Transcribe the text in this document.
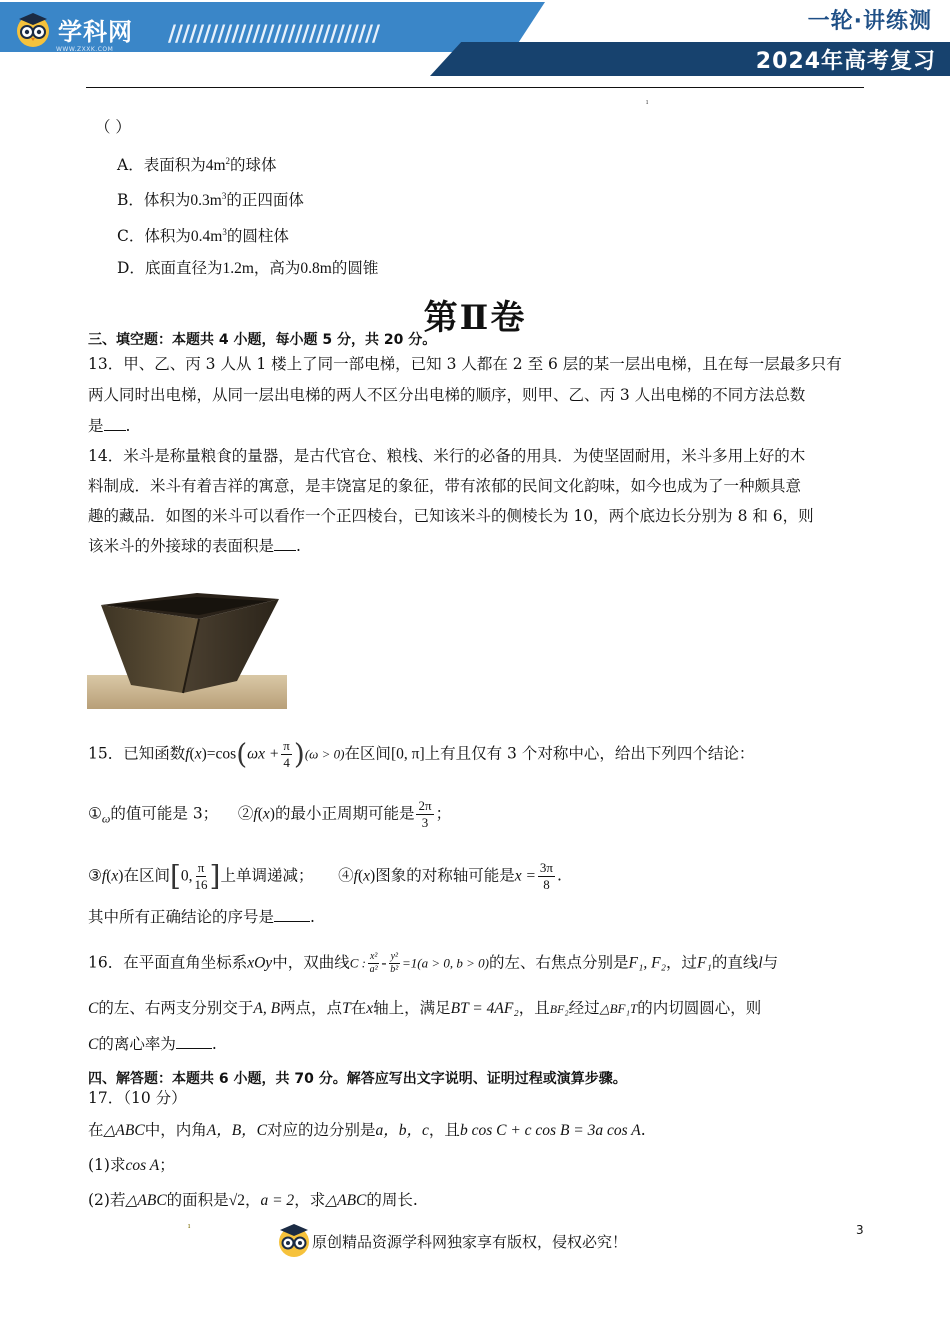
学科网
WWW.ZXXK.COM
//////////////////////////////
一轮·讲练测
2024年高考复习
ı
（ ）
A．表面积为$4m^2$的球体
B．体积为$0.3m^3$的正四面体
C．体积为$0.4m^3$的圆柱体
D．底面直径为1.2m，高为0.8m的圆锥
第Ⅱ卷
三、填空题：本题共 4 小题，每小题 5 分，共 20 分。
13．甲、乙、丙 3 人从 1 楼上了同一部电梯，已知 3 人都在 2 至 6 层的某一层出电梯，且在每一层最多只有
两人同时出电梯，从同一层出电梯的两人不区分出电梯的顺序，则甲、乙、丙 3 人出电梯的不同方法总数
是 .
14．米斗是称量粮食的量器，是古代官仓、粮栈、米行的必备的用具．为使坚固耐用，米斗多用上好的木
料制成．米斗有着吉祥的寓意，是丰饶富足的象征，带有浓郁的民间文化韵味，如今也成为了一种颇具意
趣的藏品．如图的米斗可以看作一个正四棱台，已知该米斗的侧棱长为 10，两个底边长分别为 8 和 6，则
该米斗的外接球的表面积是 .
15．已知函数$f(x)=\cos(\omega x + \frac{\pi}{4} )(\omega > 0)$在区间[0, π]上有且仅有 3 个对称中心，给出下列四个结论：
$①_\omega$的值可能是 3； ②f(x)的最小正周期可能是 $\frac{2\pi}{3}$ ；
③f(x)在区间[0, $\frac{\pi}{16}$ ]上单调递减； ④f(x)图象的对称轴可能是$x = \frac{3\pi}{8}$ .
其中所有正确结论的序号是 .
16．在平面直角坐标系xOy中，双曲线C : $\frac{\text{x²}}{\text{a²}} - \frac{\text{y²}}{\text{b²}} =1(a > 0$, b > 0)的左、右焦点分别是F₁, F₂，过F₁的直线l与
C的左、右两支分别交于A, B两点，点T在x轴上，满足BT = 4AF₂，且BF₂经过△BF₁T的内切圆圆心，则
C的离心率为 .
四、解答题：本题共 6 小题，共 70 分。解答应写出文字说明、证明过程或演算步骤。
17．（10 分）
在△ABC中，内角A，B，C对应的边分别是a，b，c，且b cos C + c cos B = 3a cos A.
(1)求cos A；
(2)若△ABC的面积是√2，a = 2，求△ABC的周长.
ı
原创精品资源学科网独家享有版权，侵权必究！
3
